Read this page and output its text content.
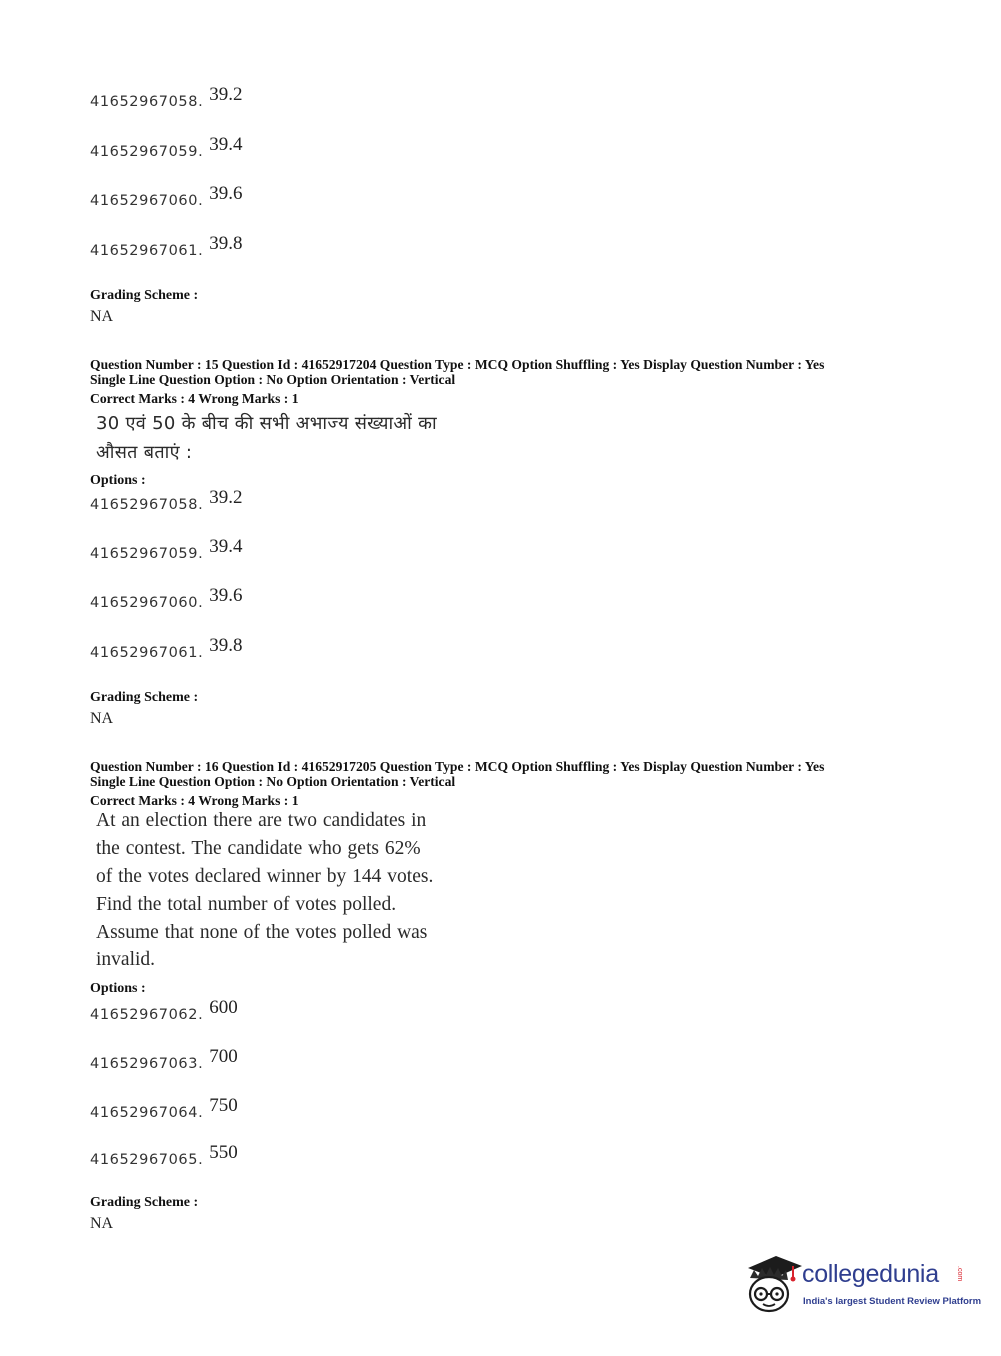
41652967058. 39.2
41652967059. 39.4
41652967060. 39.6
41652967061. 39.8
Grading Scheme :
NA
Question Number : 15 Question Id : 41652917204 Question Type : MCQ Option Shuffling : Yes Display Question Number : Yes
Single Line Question Option : No Option Orientation : Vertical
Correct Marks : 4 Wrong Marks : 1
30 एवं 50 के बीच की सभी अभाज्य संख्याओं का
औसत बताएं :
Options :
41652967058. 39.2
41652967059. 39.4
41652967060. 39.6
41652967061. 39.8
Grading Scheme :
NA
Question Number : 16 Question Id : 41652917205 Question Type : MCQ Option Shuffling : Yes Display Question Number : Yes
Single Line Question Option : No Option Orientation : Vertical
Correct Marks : 4 Wrong Marks : 1
At an election there are two candidates in
the contest. The candidate who gets 62%
of the votes declared winner by 144 votes.
Find the total number of votes polled.
Assume that none of the votes polled was
invalid.
Options :
41652967062. 600
41652967063. 700
41652967064. 750
41652967065. 550
Grading Scheme :
NA
collegedunia .com
India's largest Student Review Platform
